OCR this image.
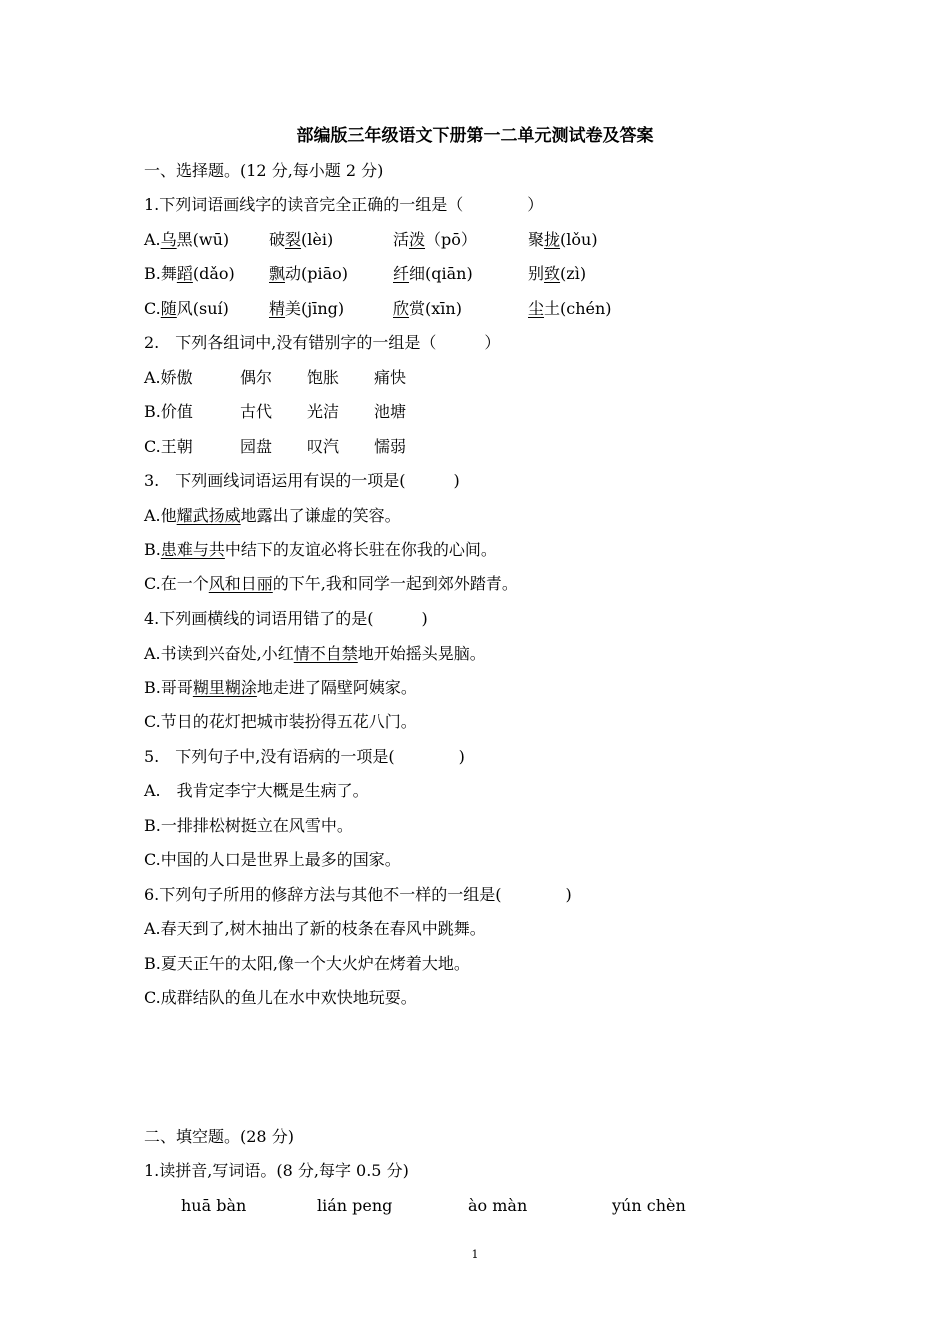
部编版三年级语文下册第一二单元测试卷及答案
一、选择题。(12 分,每小题 2 分)
1.下列词语画线字的读音完全正确的一组是（　　　　）
A.乌黑(wū) 破裂(lèi)	活泼（pō）	聚拢(lǒu)
B.舞蹈(dǎo) 飘动(piāo)	纤细(qiān)	别致(zì)
C.随风(suí)	精美(jīng)	欣赏(xīn)	尘土(chén)
2.　下列各组词中,没有错别字的一组是（　　　）
A.娇傲	偶尔 饱胀 痛快
B.价值	古代 光洁 池塘
C.王朝	园盘 叹汽 懦弱
3.　下列画线词语运用有误的一项是(　　　)
A.他耀武扬威地露出了谦虚的笑容。
B.患难与共中结下的友谊必将长驻在你我的心间。
C.在一个风和日丽的下午,我和同学一起到郊外踏青。
4.下列画横线的词语用错了的是(　　　)
A.书读到兴奋处,小红情不自禁地开始摇头晃脑。
B.哥哥糊里糊涂地走进了隔壁阿姨家。
C.节日的花灯把城市装扮得五花八门。
5.　下列句子中,没有语病的一项是(　　　　)
A.　我肯定李宁大概是生病了。
B.一排排松树挺立在风雪中。
C.中国的人口是世界上最多的国家。
6.下列句子所用的修辞方法与其他不一样的一组是(　　　　)
A.春天到了,树木抽出了新的枝条在春风中跳舞。
B.夏天正午的太阳,像一个大火炉在烤着大地。
C.成群结队的鱼儿在水中欢快地玩耍。
二、填空题。(28 分)
1.读拼音,写词语。(8 分,每字 0.5 分)
huā bàn	lián peng	ào màn	yún chèn
1
